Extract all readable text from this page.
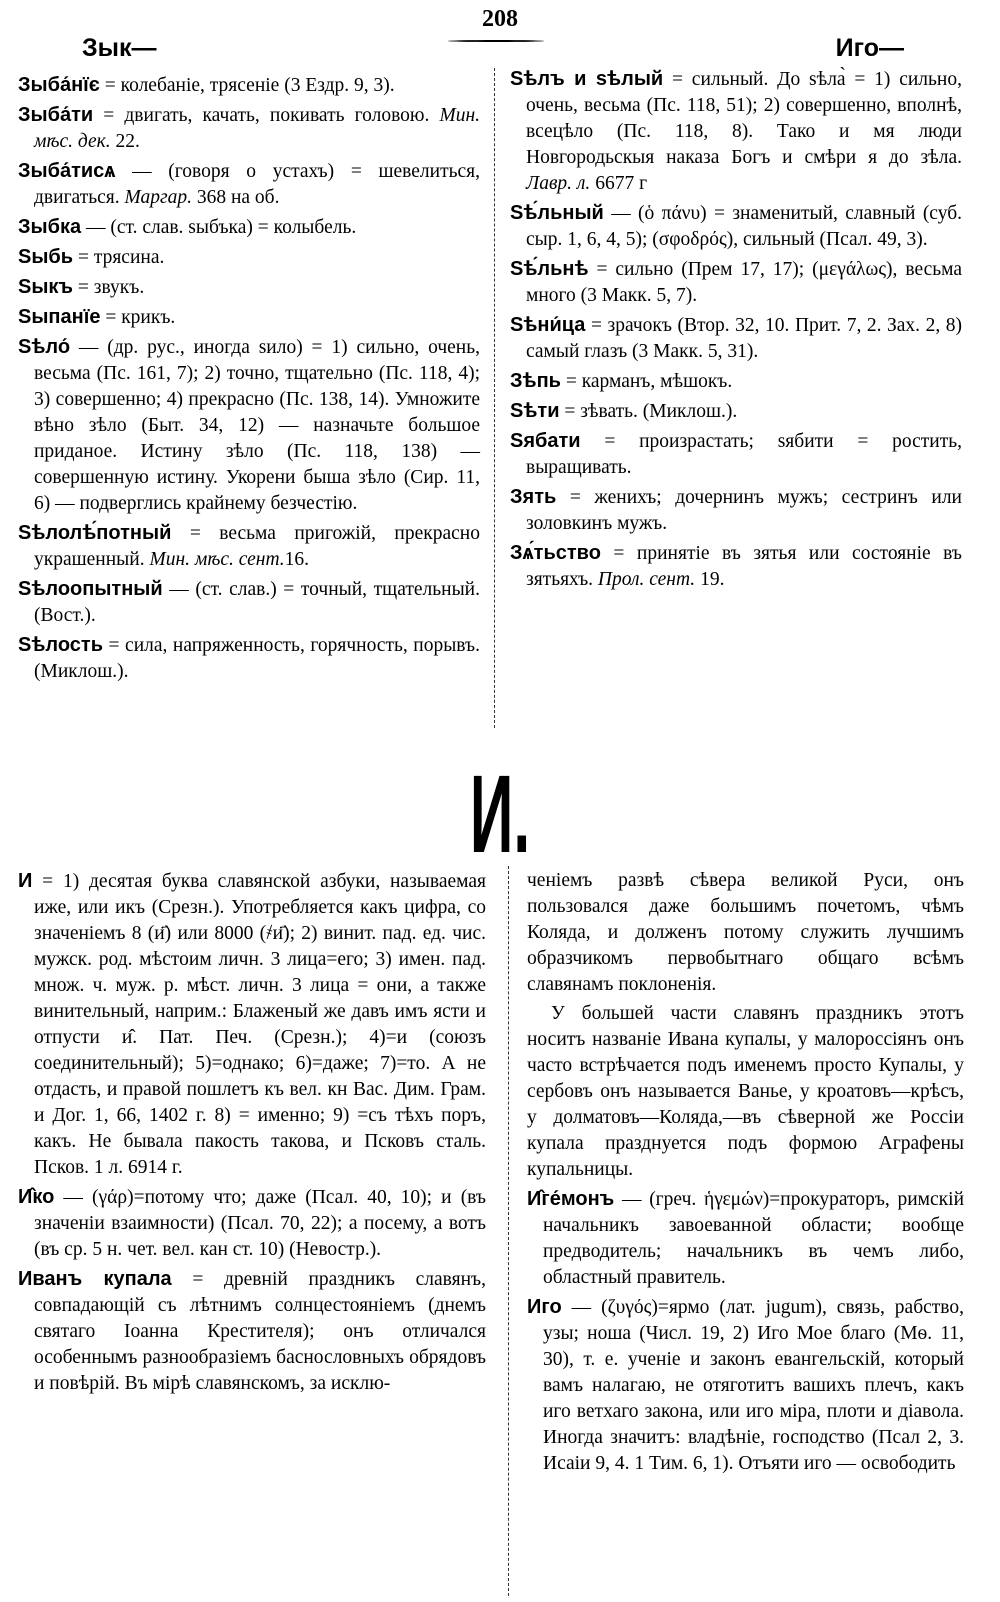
208
Зык—	Иго—
Зыба́нїє = колебаніе, трясеніе (3 Ездр. 9, 3).
Зыба́ти = двигать, качать, покивать головою. Мин. мѣс. дек. 22.
Зыба́тисѧ — (говоря о устахъ) = шевелиться, двигаться. Маргар. 368 на об.
Зыбка — (ст. слав. ѕыбъка) = колыбель.
Ѕыбь = трясина.
Ѕыкъ = звукъ.
Ѕыпанїе = крикъ.
Ѕѣло́ — (др. рус., иногда ѕило) = 1) сильно, очень, весьма (Пс. 161, 7); 2) точно, тщательно (Пс. 118, 4); 3) совершенно; 4) прекрасно (Пс. 138, 14). Умножите вѣно зѣло (Быт. 34, 12) — назначьте большое приданое. Истину зѣло (Пс. 118, 138) — совершенную истину. Укорени быша зѣло (Сир. 11, 6) — подверглись крайнему безчестію.
Ѕѣлолѣ́потный = весьма пригожій, прекрасно украшенный. Мин. мѣс. сент.16.
Ѕѣлоопытный — (ст. слав.) = точный, тщательный. (Вост.).
Ѕѣлость = сила, напряженность, горячность, порывъ. (Миклош.).
Ѕѣлъ и ѕѣлый = сильный. До ѕѣла̀ = 1) сильно, очень, весьма (Пс. 118, 51); 2) совершенно, вполнѣ, всецѣло (Пс. 118, 8). Тако и мя люди Новгородьскыя наказа Богъ и смѣри я до зѣла. Лавр. л. 6677 г
Ѕѣ́льный — (ὁ πάνυ) = знаменитый, славный (суб. сыр. 1, 6, 4, 5); (σφοδρός), сильный (Псал. 49, 3).
Ѕѣ́льнѣ = сильно (Прем 17, 17); (μεγάλως), весьма много (3 Макк. 5, 7).
Ѕѣни́ца = зрачокъ (Втор. 32, 10. Прит. 7, 2. Зах. 2, 8) самый глазъ (3 Макк. 5, 31).
Зѣпь = карманъ, мѣшокъ.
Ѕѣти = зѣвать. (Миклош.).
Ѕябати = произрастать; ѕябити = ростить, выращивать.
Зять = женихъ; дочернинъ мужъ; сестринъ или золовкинъ мужъ.
Зѧ́тьство = принятіе въ зятья или состояніе въ зятьяхъ. Прол. сент. 19.
И.
И = 1) десятая буква славянской азбуки, называемая иже, или икъ (Срезн.). Употребляется какъ цифра, со значеніемъ 8 (и҃) или 8000 (҂и҃); 2) винит. пад. ед. чис. мужск. род. мѣстоим личн. 3 лица=его; 3) имен. пад. множ. ч. муж. р. мѣст. личн. 3 лица = они, а также винительный, наприм.: Блаженый же давъ имъ ясти и отпусти и̂. Пат. Печ. (Срезн.); 4)=и (союзъ соединительный); 5)=однако; 6)=даже; 7)=то. А не отдасть, и правой пошлетъ къ вел. кн Вас. Дим. Грам. и Дог. 1, 66, 1402 г. 8) = именно; 9) =съ тѣхъ поръ, какъ. Не бывала пакость такова, и Псковъ сталь. Псков. 1 л. 6914 г.
И̂ко — (γάρ)=потому что; даже (Псал. 40, 10); и (въ значеніи взаимности) (Псал. 70, 22); а посему, а вотъ (въ ср. 5 н. чет. вел. кан ст. 10) (Невостр.).
Иванъ купала = древній праздникъ славянъ, совпадающій съ лѣтнимъ солнцестояніемъ (днемъ святаго Іоанна Крестителя); онъ отличался особеннымъ разнообразіемъ баснословныхъ обрядовъ и повѣрій. Въ мірѣ славянскомъ, за исклю-
ченіемъ развѣ сѣвера великой Руси, онъ пользовался даже большимъ почетомъ, чѣмъ Коляда, и долженъ потому служить лучшимъ образчикомъ первобытнаго общаго всѣмъ славянамъ поклоненія.
У большей части славянъ праздникъ этотъ носитъ названіе Ивана купалы, у малороссіянъ онъ часто встрѣчается подъ именемъ просто Купалы, у сербовъ онъ называется Ванье, у кроатовъ—крѣсъ, у долматовъ—Коляда,—въ сѣверной же Россіи купала празднуется подъ формою Аграфены купальницы.
И̂ге́монъ — (греч. ἡγεμών)=прокураторъ, римскій начальникъ завоеванной области; вообще предводитель; начальникъ въ чемъ либо, областный правитель.
Иго — (ζυγός)=ярмо (лат. jugum), связь, рабство, узы; ноша (Числ. 19, 2) Иго Мое благо (Мѳ. 11, 30), т. е. ученіе и законъ евангельскій, который вамъ налагаю, не отяготитъ вашихъ плечъ, какъ иго ветхаго закона, или иго міра, плоти и діавола. Иногда значитъ: владѣніе, господство (Псал 2, 3. Исаіи 9, 4. 1 Тим. 6, 1). Отъяти иго — освободить
